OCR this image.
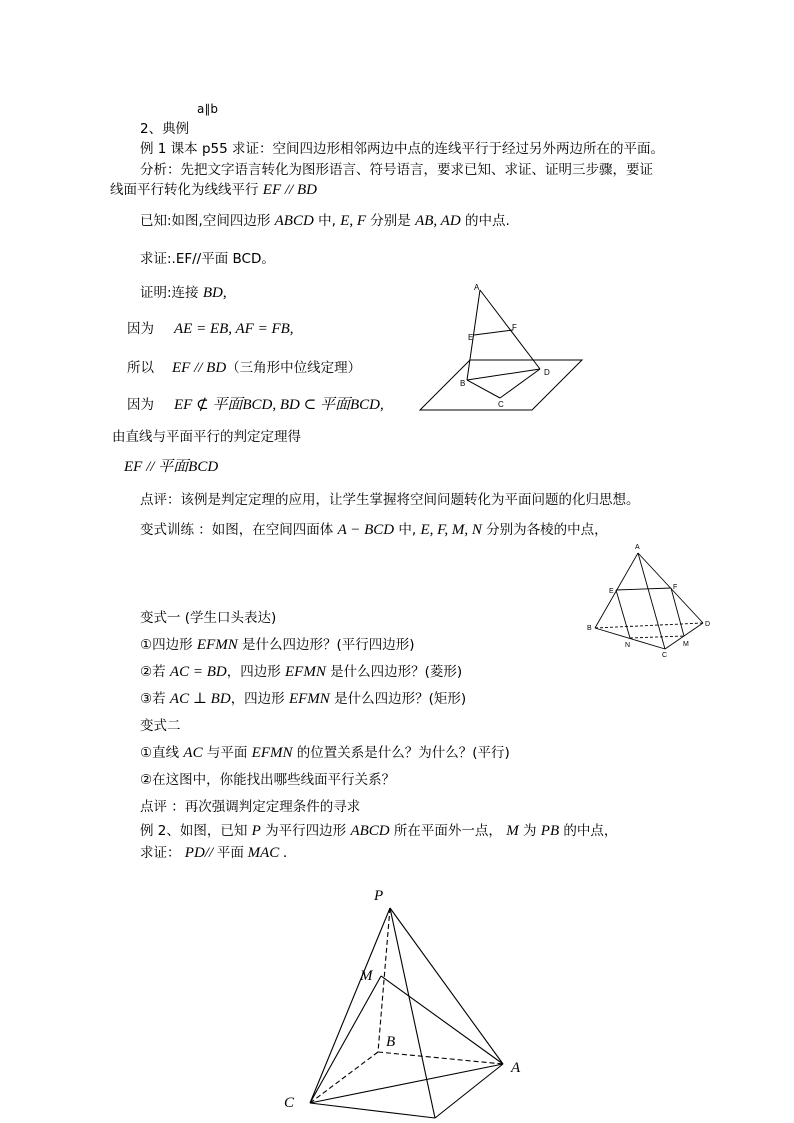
a∥b
2、典例
例 1 课本 p55 求证：空间四边形相邻两边中点的连线平行于经过另外两边所在的平面。
分析：先把文字语言转化为图形语言、符号语言，要求已知、求证、证明三步骤，要证
线面平行转化为线线平行 EF // BD
已知:如图,空间四边形 ABCD 中, E, F 分别是 AB, AD 的中点.
求证:.EF//平面 BCD。
证明:连接 BD,
因为 AE = EB, AF = FB,
所以 EF // BD（三角形中位线定理）
因为 EF ⊄ 平面BCD, BD ⊂ 平面BCD,
由直线与平面平行的判定定理得
EF // 平面BCD
点评：该例是判定定理的应用，让学生掌握将空间问题转化为平面问题的化归思想。
变式训练 ：如图，在空间四面体 A − BCD 中, E, F, M, N 分别为各棱的中点，
变式一 (学生口头表达)
①四边形 EFMN 是什么四边形？(平行四边形)
②若 AC = BD，四边形 EFMN 是什么四边形？(菱形)
③若 AC ⊥ BD，四边形 EFMN 是什么四边形？(矩形)
变式二
①直线 AC 与平面 EFMN 的位置关系是什么？为什么？(平行)
②在这图中，你能找出哪些线面平行关系？
点评 ：再次强调判定定理条件的寻求
例 2、如图，已知 P 为平行四边形 ABCD 所在平面外一点， M 为 PB 的中点，
求证： PD// 平面 MAC .
A
F
E
B
D
C
A
E
F
B
D
N	M
C
P
M
B
A
C
